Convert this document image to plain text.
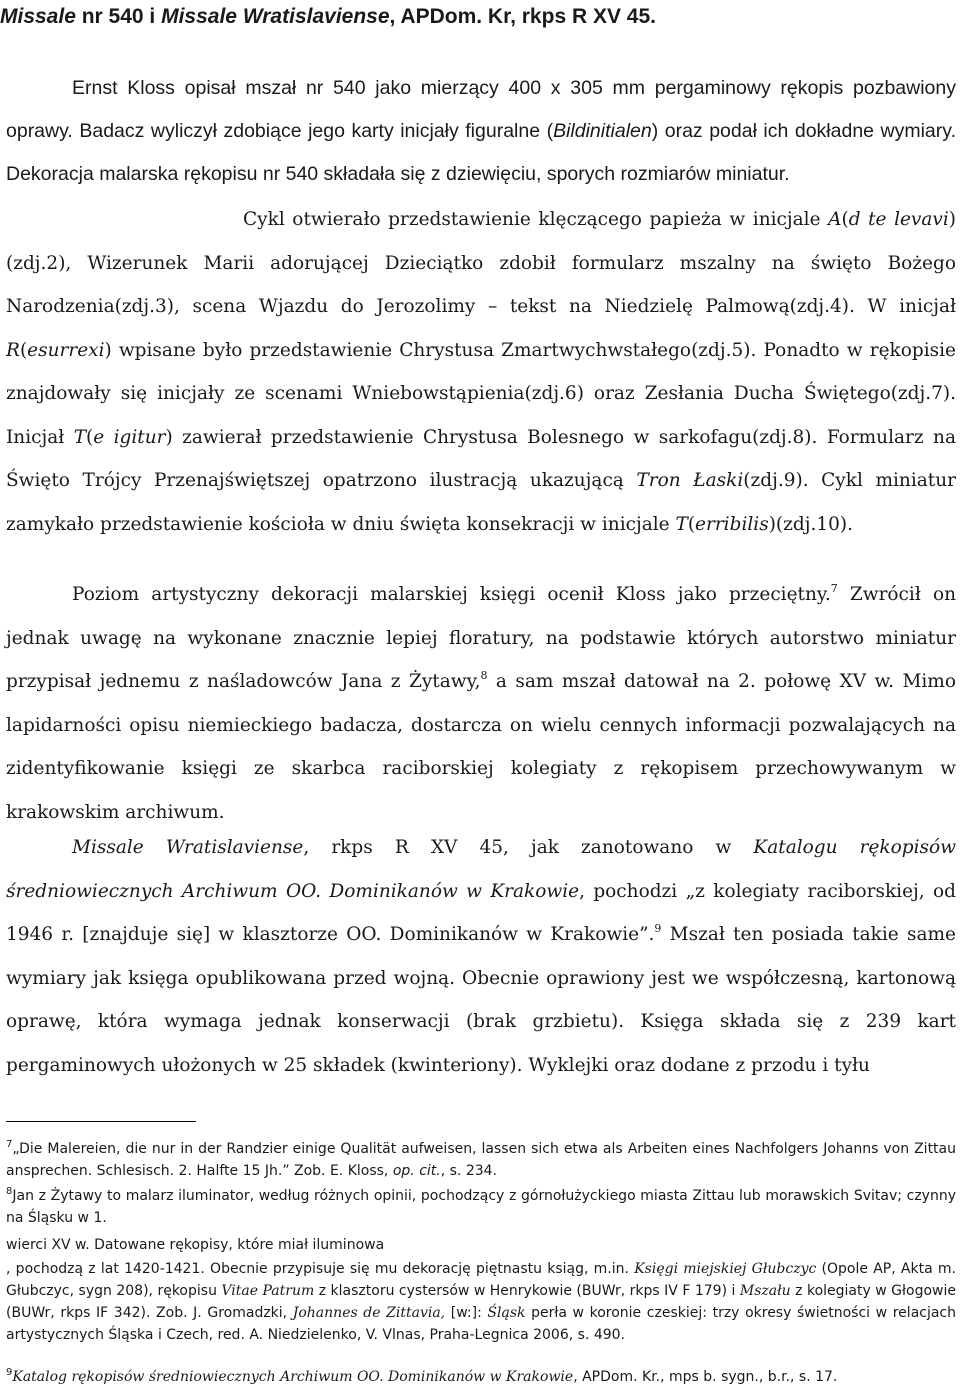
Missale nr 540 i Missale Wratislaviense, APDom. Kr, rkps R XV 45.

Ernst Kloss opisał mszał nr 540 jako mierzący 400 x 305 mm pergaminowy rękopis pozbawiony oprawy. Badacz wyliczył zdobiące jego karty inicjały figuralne (Bildinitialen) oraz podał ich dokładne wymiary. Dekoracja malarska rękopisu nr 540 składała się z dziewięciu, sporych rozmiarów miniatur.

Cykl otwierało przedstawienie klęczącego papieża w inicjale A(d te levavi)(zdj.2), Wizerunek Marii adorującej Dzieciątko zdobił formularz mszalny na święto Bożego Narodzenia(zdj.3), scena Wjazdu do Jerozolimy – tekst na Niedzielę Palmową(zdj.4). W inicjał R(esurrexi) wpisane było przedstawienie Chrystusa Zmartwychwstałego(zdj.5). Ponadto w rękopisie znajdowały się inicjały ze scenami Wniebowstąpienia(zdj.6) oraz Zesłania Ducha Świętego(zdj.7). Inicjał T(e igitur) zawierał przedstawienie Chrystusa Bolesnego w sarkofagu(zdj.8). Formularz na Święto Trójcy Przenajświętszej opatrzono ilustracją ukazującą Tron Łaski(zdj.9). Cykl miniatur zamykało przedstawienie kościoła w dniu święta konsekracji w inicjale T(erribilis)(zdj.10).

Poziom artystyczny dekoracji malarskiej księgi ocenił Kloss jako przeciętny.$^7$ Zwrócił on jednak uwagę na wykonane znacznie lepiej floratury, na podstawie których autorstwo miniatur przypisał jednemu z naśladowców Jana z Żytawy,$^8$ a sam mszał datował na 2. połowę XV w. Mimo lapidarności opisu niemieckiego badacza, dostarcza on wielu cennych informacji pozwalających na zidentyfikowanie księgi ze skarbca raciborskiej kolegiaty z rękopisem przechowywanym w krakowskim archiwum.

Missale Wratislaviense, rkps R XV 45, jak zanotowano w Katalogu rękopisów średniowiecznych Archiwum OO. Dominikanów w Krakowie, pochodzi „z kolegiaty raciborskiej, od 1946 r. [znajduje się] w klasztorze OO. Dominikanów w Krakowie”.$^9$ Mszał ten posiada takie same wymiary jak księga opublikowana przed wojną. Obecnie oprawiony jest we współczesną, kartonową oprawę, która wymaga jednak konserwacji (brak grzbietu). Księga składa się z 239 kart pergaminowych ułożonych w 25 składek (kwinteriony). Wyklejki oraz dodane z przodu i tyłu

$^7$„Die Malereien, die nur in der Randzier einige Qualität aufweisen, lassen sich etwa als Arbeiten eines Nachfolgers Johanns von Zittau ansprechen. Schlesisch. 2. Halfte 15 Jh.” Zob. E. Kloss, op. cit., s. 234.

$^8$Jan z Żytawy to malarz iluminator, według różnych opinii, pochodzący z górnołużyckiego miasta Zittau lub morawskich Svitav; czynny na Śląsku w 1.

wierci XV w. Datowane rękopisy, które miał iluminowa

, pochodzą z lat 1420-1421. Obecnie przypisuje się mu dekorację piętnastu ksiąg, m.in. Księgi miejskiej Głubczyc (Opole AP, Akta m. Głubczyc, sygn 208), rękopisu Vitae Patrum z klasztoru cystersów w Henrykowie (BUWr, rkps IV F 179) i Mszału z kolegiaty w Głogowie (BUWr, rkps IF 342). Zob. J. Gromadzki, Johannes de Zittavia, [w:]: Śląsk perła w koronie czeskiej: trzy okresy świetności w relacjach artystycznych Śląska i Czech, red. A. Niedzielenko, V. Vlnas, Praha-Legnica 2006, s. 490.

$^9$Katalog rękopisów średniowiecznych Archiwum OO. Dominikanów w Krakowie, APDom. Kr., mps b. sygn., b.r., s. 17.
